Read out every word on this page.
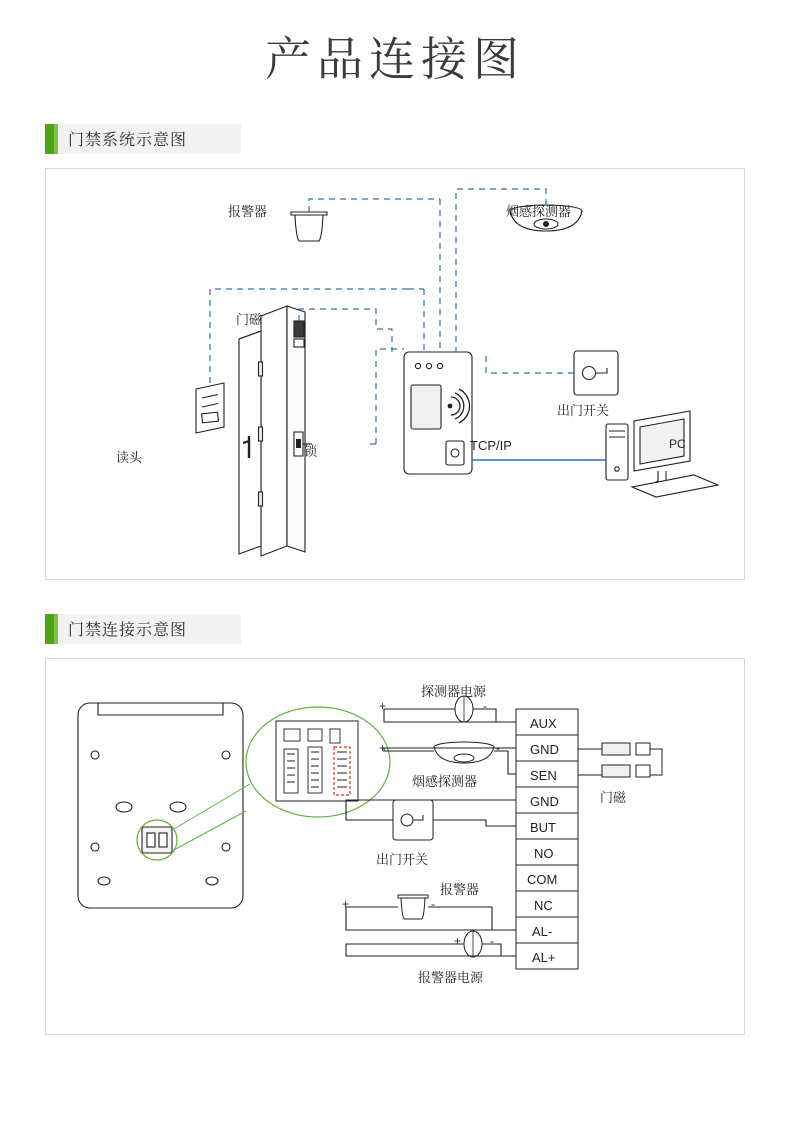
产品连接图
门禁系统示意图
报警器	烟感探测器
门磁
出门开关
读头	锁	TCP/IP	PC
门禁连接示意图
AUX
GND
SEN
GND
BUT
NO
COM
NC
AL-
AL+
探测器电源
烟感探测器
出门开关
报警器
报警器电源
门磁
+	-
+	-
+	-
+ -
